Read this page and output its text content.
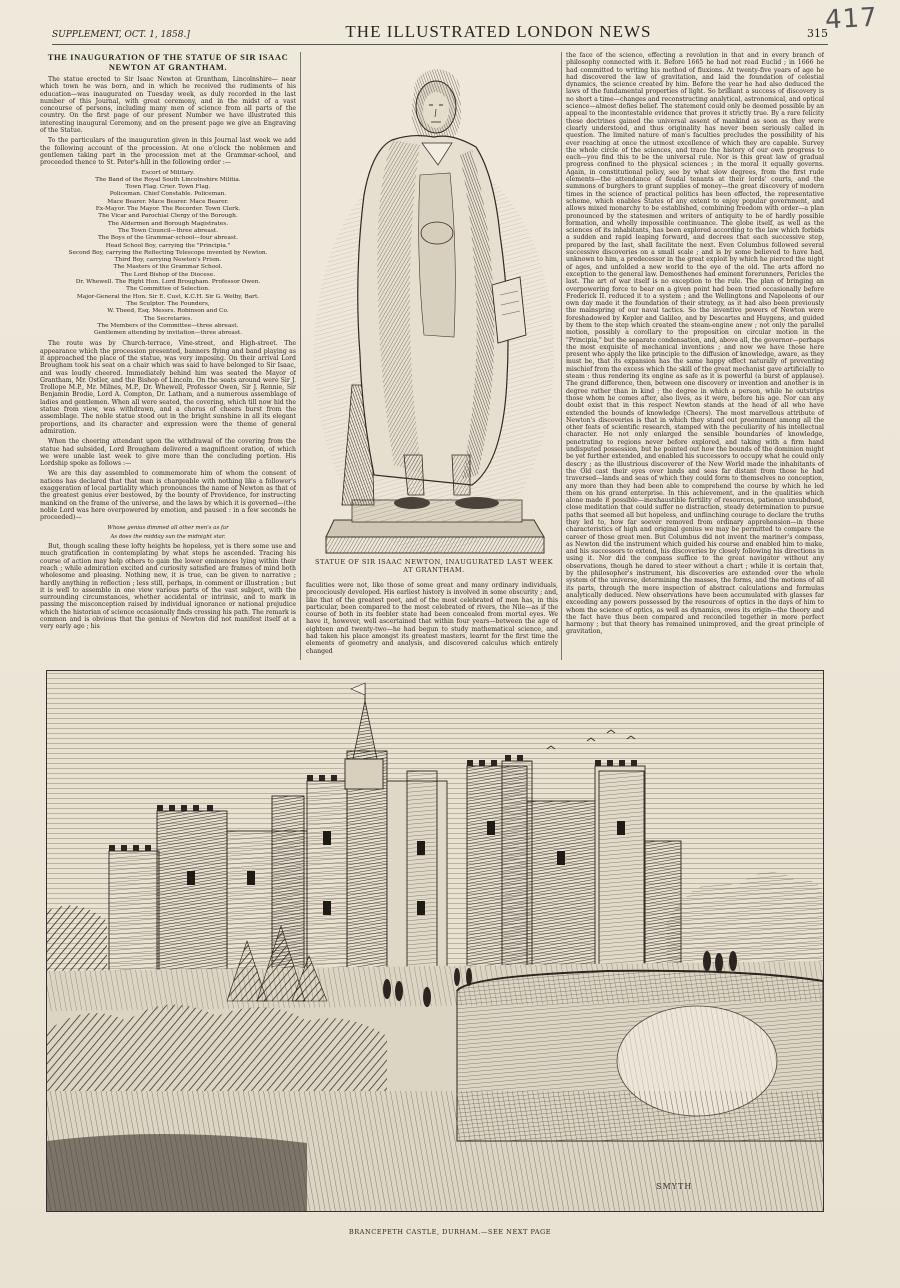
417
SUPPLEMENT, OCT. 1, 1858.]	THE ILLUSTRATED LONDON NEWS	315
THE INAUGURATION OF THE STATUE OF SIR ISAAC NEWTON AT GRANTHAM.

The statue erected to Sir Isaac Newton at Grantham, Lincolnshire— near which town he was born, and in which he received the rudiments of his education—was inaugurated on Tuesday week, as duly recorded in the last number of this Journal, with great ceremony, and in the midst of a vast concourse of persons, including many men of science from all parts of the country. On the first page of our present Number we have illustrated this interesting inaugural Ceremony, and on the present page we give an Engraving of the Statue.

To the particulars of the inauguration given in this Journal last week we add the following account of the procession. At one o'clock the noblemen and gentlemen taking part in the procession met at the Grammar-school, and proceeded thence to St. Peter's-hill in the following order :—

Escort of Military.
The Band of the Royal South Lincolnshire Militia.
Town Flag. Crier. Town Flag.
Policeman. Chief Constable. Policeman.
Mace Bearer. Mace Bearer. Mace Bearer.
Ex-Mayor. The Mayor. The Recorder. Town Clerk.
The Vicar and Parochial Clergy of the Borough.
The Aldermen and Borough Magistrates.
The Town Council—three abreast.
The Boys of the Grammar-school—four abreast.
Head School Boy, carrying the "Principia."
Second Boy, carrying the Reflecting Telescope invented by Newton.
Third Boy, carrying Newton's Prism.
The Masters of the Grammar School.
The Lord Bishop of the Diocese.
Dr. Whewell. The Right Hon. Lord Brougham. Professor Owen.
The Committee of Selection.
Major-General the Hon. Sir E. Cust, K.C.H. Sir G. Welby, Bart.
The Sculptor. The Founders,
W. Theed, Esq. Messrs. Robinson and Co.
The Secretaries.
The Members of the Committee—three abreast.
Gentlemen attending by invitation—three abreast.

The route was by Church-terrace, Vine-street, and High-street. The appearance which the procession presented, banners flying and band playing as it approached the place of the statue, was very imposing. On their arrival Lord Brougham took his seat on a chair which was said to have belonged to Sir Isaac, and was loudly cheered. Immediately behind him was seated the Mayor of Grantham, Mr. Ostler, and the Bishop of Lincoln. On the seats around were Sir J. Trollope M.P., Mr. Milnes, M.P., Dr. Whewell, Professor Owen, Sir J. Rennie, Sir Benjamin Brodie, Lord A. Compton, Dr. Latham, and a numerous assemblage of ladies and gentlemen. When all were seated, the covering, which till now hid the statue from view, was withdrawn, and a chorus of cheers burst from the assemblage. The noble statue stood out in the bright sunshine in all its elegant proportions, and its character and expression were the theme of general admiration.

When the cheering attendant upon the withdrawal of the covering from the statue had subsided, Lord Brougham delivered a magnificent oration, of which we were unable last week to give more than the concluding portion. His Lordship spoke as follows :—

We are this day assembled to commemorate him of whom the consent of nations has declared that that man is chargeable with nothing like a follower's exaggeration of local partiality which pronounces the name of Newton as that of the greatest genius ever bestowed, by the bounty of Providence, for instructing mankind on the frame of the universe, and the laws by which it is governed—(the noble Lord was here overpowered by emotion, and paused : in a few seconds he proceeded)—

Whose genius dimmed all other men's as far
As does the midday sun the midnight star.

But, though scaling these lofty heights be hopeless, yet is there some use and much gratification in contemplating by what steps he ascended. Tracing his course of action may help others to gain the lower eminences lying within their reach ; while admiration excited and curiosity satisfied are frames of mind both wholesome and pleasing. Nothing new, it is true, can be given to narrative ; hardly anything in reflection ; less still, perhaps, in comment or illustration ; but it is well to assemble in one view various parts of the vast subject, with the surrounding circumstances, whether accidental or intrinsic, and to mark in passing the misconception raised by individual ignorance or national prejudice which the historian of science occasionally finds crossing his path. The remark is common and is obvious that the genius of Newton did not manifest itself at a very early age ; his

STATUE OF SIR ISAAC NEWTON, INAUGURATED LAST WEEK AT GRANTHAM.
faculities were not, like those of some great and many ordinary individuals, precociously developed. His earliest history is involved in some obscurity ; and, like that of the greatest poet, and of the most celebrated of men has, in this particular, been compared to the most celebrated of rivers, the Nile—as if the course of both in its feebler state had been concealed from mortal eyes. We have it, however, well ascertained that within four years—between the age of eighteen and twenty-two—he had begun to study mathematical science, and had taken his place amongst its greatest masters, learnt for the first time the elements of geometry and analysis, and discovered calculus which entirely changed
the face of the science, effecting a revolution in that and in every branch of philosophy connected with it. Before 1665 he had not read Euclid ; in 1666 he had committed to writing his method of fluxions. At twenty-five years of age he had discovered the law of gravitation, and laid the foundation of celestial dynamics, the science created by him. Before the year he had also deduced the laws of the fundamental properties of light. So brilliant a success of discovery is no short a time—changes and reconstructing analytical, astronomical, and optical science—almost defies belief. The statement could only be deemed possible by an appeal to the incontestable evidence that proves it strictly true. By a rare felicity these doctrines gained the universal assent of mankind as soon as they were clearly understood, and thus originality has never been seriously called in question. The limited nature of man's faculties precludes the possibility of his ever reaching at once the utmost excellence of which they are capable. Survey the whole circle of the sciences, and trace the history of our own progress to each—you find this to be the universal rule. Nor is this great law of gradual progress confined to the physical sciences ; in the moral it equally governs. Again, in constitutional policy, see by what slow degrees, from the first rude elements—the attendance of feudal tenants at their lords' courts, and the summons of burghers to grant supplies of money—the great discovery of modern times in the science of practical politics has been effected, the representative scheme, which enables States of any extent to enjoy popular government, and allows mixed monarchy to be established, combining freedom with order—a plan pronounced by the statesmen and writers of antiquity to be of hardly possible formation, and wholly impossible continuance. The globe itself, as well as the sciences of its inhabitants, has been explored according to the law which forbids a sudden and rapid leaping forward, and decrees that each successive step, prepared by the last, shall facilitate the next. Even Columbus followed several successive discoveries on a small scale ; and is by some believed to have had, unknown to him, a predecessor in the great exploit by which he pierced the night of ages, and unfolded a new world to the eye of the old. The arts afford no exception to the general law. Demosthenes had eminent forerunners, Pericles the last. The art of war itself is no exception to the rule. The plan of bringing an overpowering force to bear on a given point had been tried occasionally before Frederick II. reduced it to a system ; and the Wellingtons and Napoleons of our own day made it the foundation of their strategy, as it had also been previously the mainspring of our naval tactics. So the inventive powers of Newton were foreshadowed by Kepler and Galileo, and by Descartes and Huygens, and guided by them to the step which created the steam-engine anew ; not only the parallel motion, possibly a corollary to the proposition on circular motion in the "Principia," but the separate condensation, and, above all, the governor—perhaps the most exquisite of mechanical inventions ; and now we have those here present who apply the like principle to the diffusion of knowledge, aware, as they must be, that its expansion has the same happy effect naturally of preventing mischief from the excess which the skill of the great mechanist gave artificially to steam : thus rendering its engine as safe as it is powerful (a burst of applause). The grand difference, then, between one discovery or invention and another is in degree rather than in kind ; the degree in which a person, while he outstrips those whom he comes after, also lives, as it were, before his age. Nor can any doubt exist that in this respect Newton stands at the head of all who have extended the bounds of knowledge (Cheers). The most marvellous attribute of Newton's discoveries is that in which they stand out preeminent among all the other feats of scientific research, stamped with the peculiarity of his intellectual character. He not only enlarged the sensible boundaries of knowledge, penetrating to regions never before explored, and taking with a firm hand undisputed possession, but he pointed out how the bounds of the dominion might be yet further extended, and enabled his successors to occupy what he could only descry ; as the illustrious discoverer of the New World made the inhabitants of the Old cast their eyes over lands and seas far distant from those he had traversed—lands and seas of which they could form to themselves no conception, any more than they had been able to comprehend the course by which he led them on his grand enterprise. In this achievement, and in the qualities which alone made it possible—inexhaustible fertility of resources, patience unsubdued, close meditation that could suffer no distraction, steady determination to pursue paths that seemed all but hopeless, and unflinching courage to declare the truths they led to, how far soever removed from ordinary apprehension—in these characteristics of high and original genius we may be permitted to compare the career of those great men. But Columbus did not invent the mariner's compass, as Newton did the instrument which guided his course and enabled him to make, and his successors to extend, his discoveries by closely following his directions in using it. Nor did the compass suffice to the great navigator without any observations, though he dared to steer without a chart ; while it is certain that, by the philosopher's instrument, his discoveries are extended over the whole system of the universe, determining the masses, the forms, and the motions of all its parts, through the mere inspection of abstract calculations and formulas analytically deduced. New observations have been accumulated with glasses far exceeding any powers possessed by the resources of optics in the days of him to whom the science of optics, as well as dynamics, owes its origin—the theory and the fact have thus been compared and reconciled together in more perfect harmony ; but that theory has remained unimproved, and the great principle of gravitation,
SMYTH
BRANCEPETH CASTLE, DURHAM.—SEE NEXT PAGE
